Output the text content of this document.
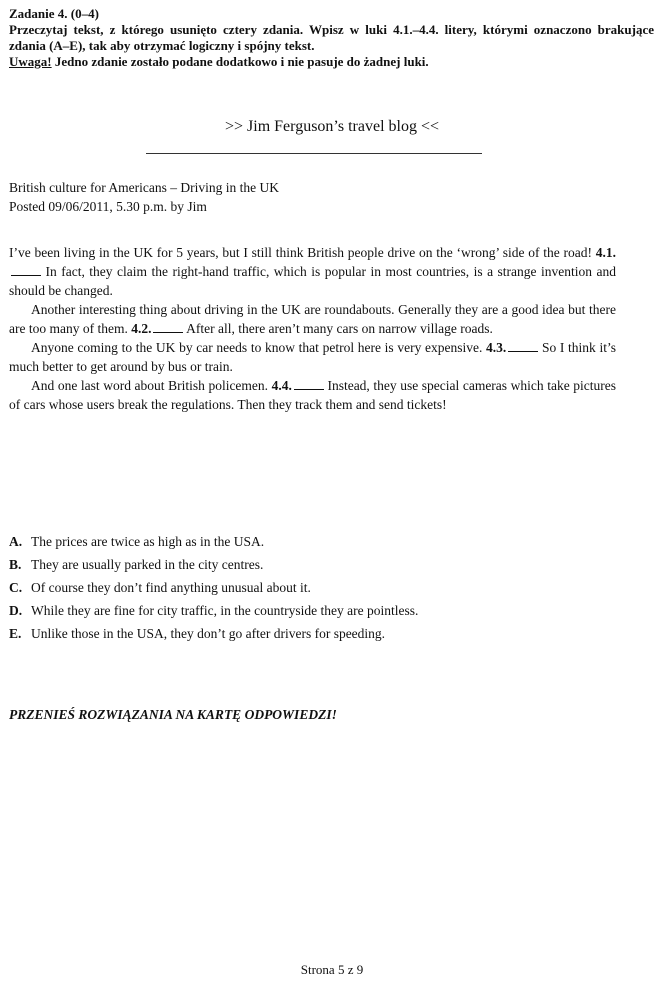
Zadanie 4. (0–4)

Przeczytaj tekst, z którego usunięto cztery zdania. Wpisz w luki 4.1.–4.4. litery, którymi oznaczono brakujące zdania (A–E), tak aby otrzymać logiczny i spójny tekst.
Uwaga! Jedno zdanie zostało podane dodatkowo i nie pasuje do żadnej luki.

>> Jim Ferguson’s travel blog <<
British culture for Americans – Driving in the UK
Posted 09/06/2011, 5.30 p.m. by Jim

I’ve been living in the UK for 5 years, but I still think British people drive on the ‘wrong’ side of the road! 4.1. In fact, they claim the right-hand traffic, which is popular in most countries, is a strange invention and should be changed.

Another interesting thing about driving in the UK are roundabouts. Generally they are a good idea but there are too many of them. 4.2. After all, there aren’t many cars on narrow village roads.

Anyone coming to the UK by car needs to know that petrol here is very expensive. 4.3. So I think it’s much better to get around by bus or train.

And one last word about British policemen. 4.4. Instead, they use special cameras which take pictures of cars whose users break the regulations. Then they track them and send tickets!

A. The prices are twice as high as in the USA.
B. They are usually parked in the city centres.
C. Of course they don’t find anything unusual about it.
D. While they are fine for city traffic, in the countryside they are pointless.
E. Unlike those in the USA, they don’t go after drivers for speeding.
PRZENIEŚ ROZWIĄZANIA NA KARTĘ ODPOWIEDZI!
Strona 5 z 9
